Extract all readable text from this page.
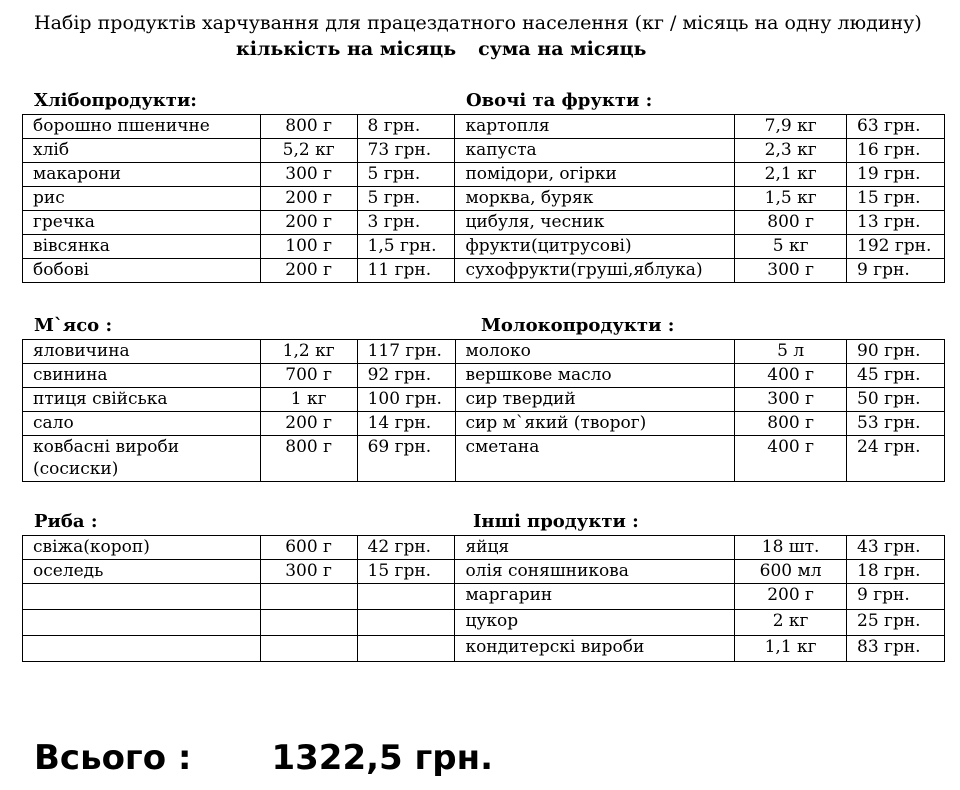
Набір продуктів харчування для працездатного населення (кг / місяць на одну людину)
кількість на місяць сума на місяць
Хлібопродукти:	Овочі та фрукти :
М`ясо :	Молокопродукти :
Риба :	Інші продукти :
борошно пшеничне	800 г	8 грн.	картопля	7,9 кг	63 грн.
хліб	5,2 кг	73 грн.	капуста	2,3 кг	16 грн.
макарони	300 г	5 грн.	помідори, огірки	2,1 кг	19 грн.
рис	200 г	5 грн.	морква, буряк	1,5 кг	15 грн.
гречка	200 г	3 грн.	цибуля, чесник	800 г	13 грн.
вівсянка	100 г	1,5 грн.	фрукти(цитрусові)	5 кг	192 грн.
бобові	200 г	11 грн.	сухофрукти(груші,яблука)	300 г	9 грн.
яловичина	1,2 кг	117 грн.	молоко	5 л	90 грн.
свинина	700 г	92 грн.	вершкове масло	400 г	45 грн.
птиця свійська	1 кг	100 грн.	сир твердий	300 г	50 грн.
сало	200 г	14 грн.	сир м`який (творог)	800 г	53 грн.
ковбасні вироби (сосиски)	800 г	69 грн.	сметана	400 г	24 грн.
свіжа(короп)	600 г	42 грн.	яйця	18 шт.	43 грн.
оселедь	300 г	15 грн.	олія соняшникова	600 мл	18 грн.
			маргарин	200 г	9 грн.
			цукор	2 кг	25 грн.
			кондитерскі вироби	1,1 кг	83 грн.
Всього : 1322,5 грн.
